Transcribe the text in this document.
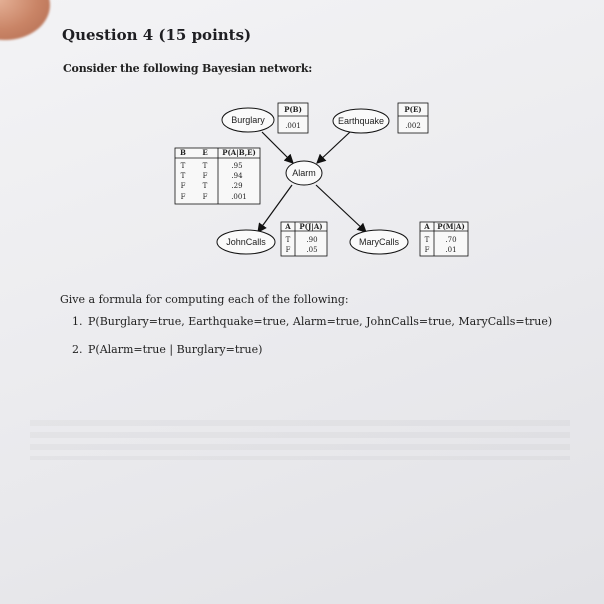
Question 4 (15 points)
Consider the following Bayesian network:
Burglary	Earthquake
Alarm
JohnCalls	MaryCalls
P(B)
.001
P(E)
.002
B E P(A|B,E)
T T	.95
T F	.94
F T	.29
F F	.001
A P(J|A)
T .90
F .05
A P(M|A)
T .70
F .01
Give a formula for computing each of the following:
1. P(Burglary=true, Earthquake=true, Alarm=true, JohnCalls=true, MaryCalls=true)
2. P(Alarm=true | Burglary=true)
